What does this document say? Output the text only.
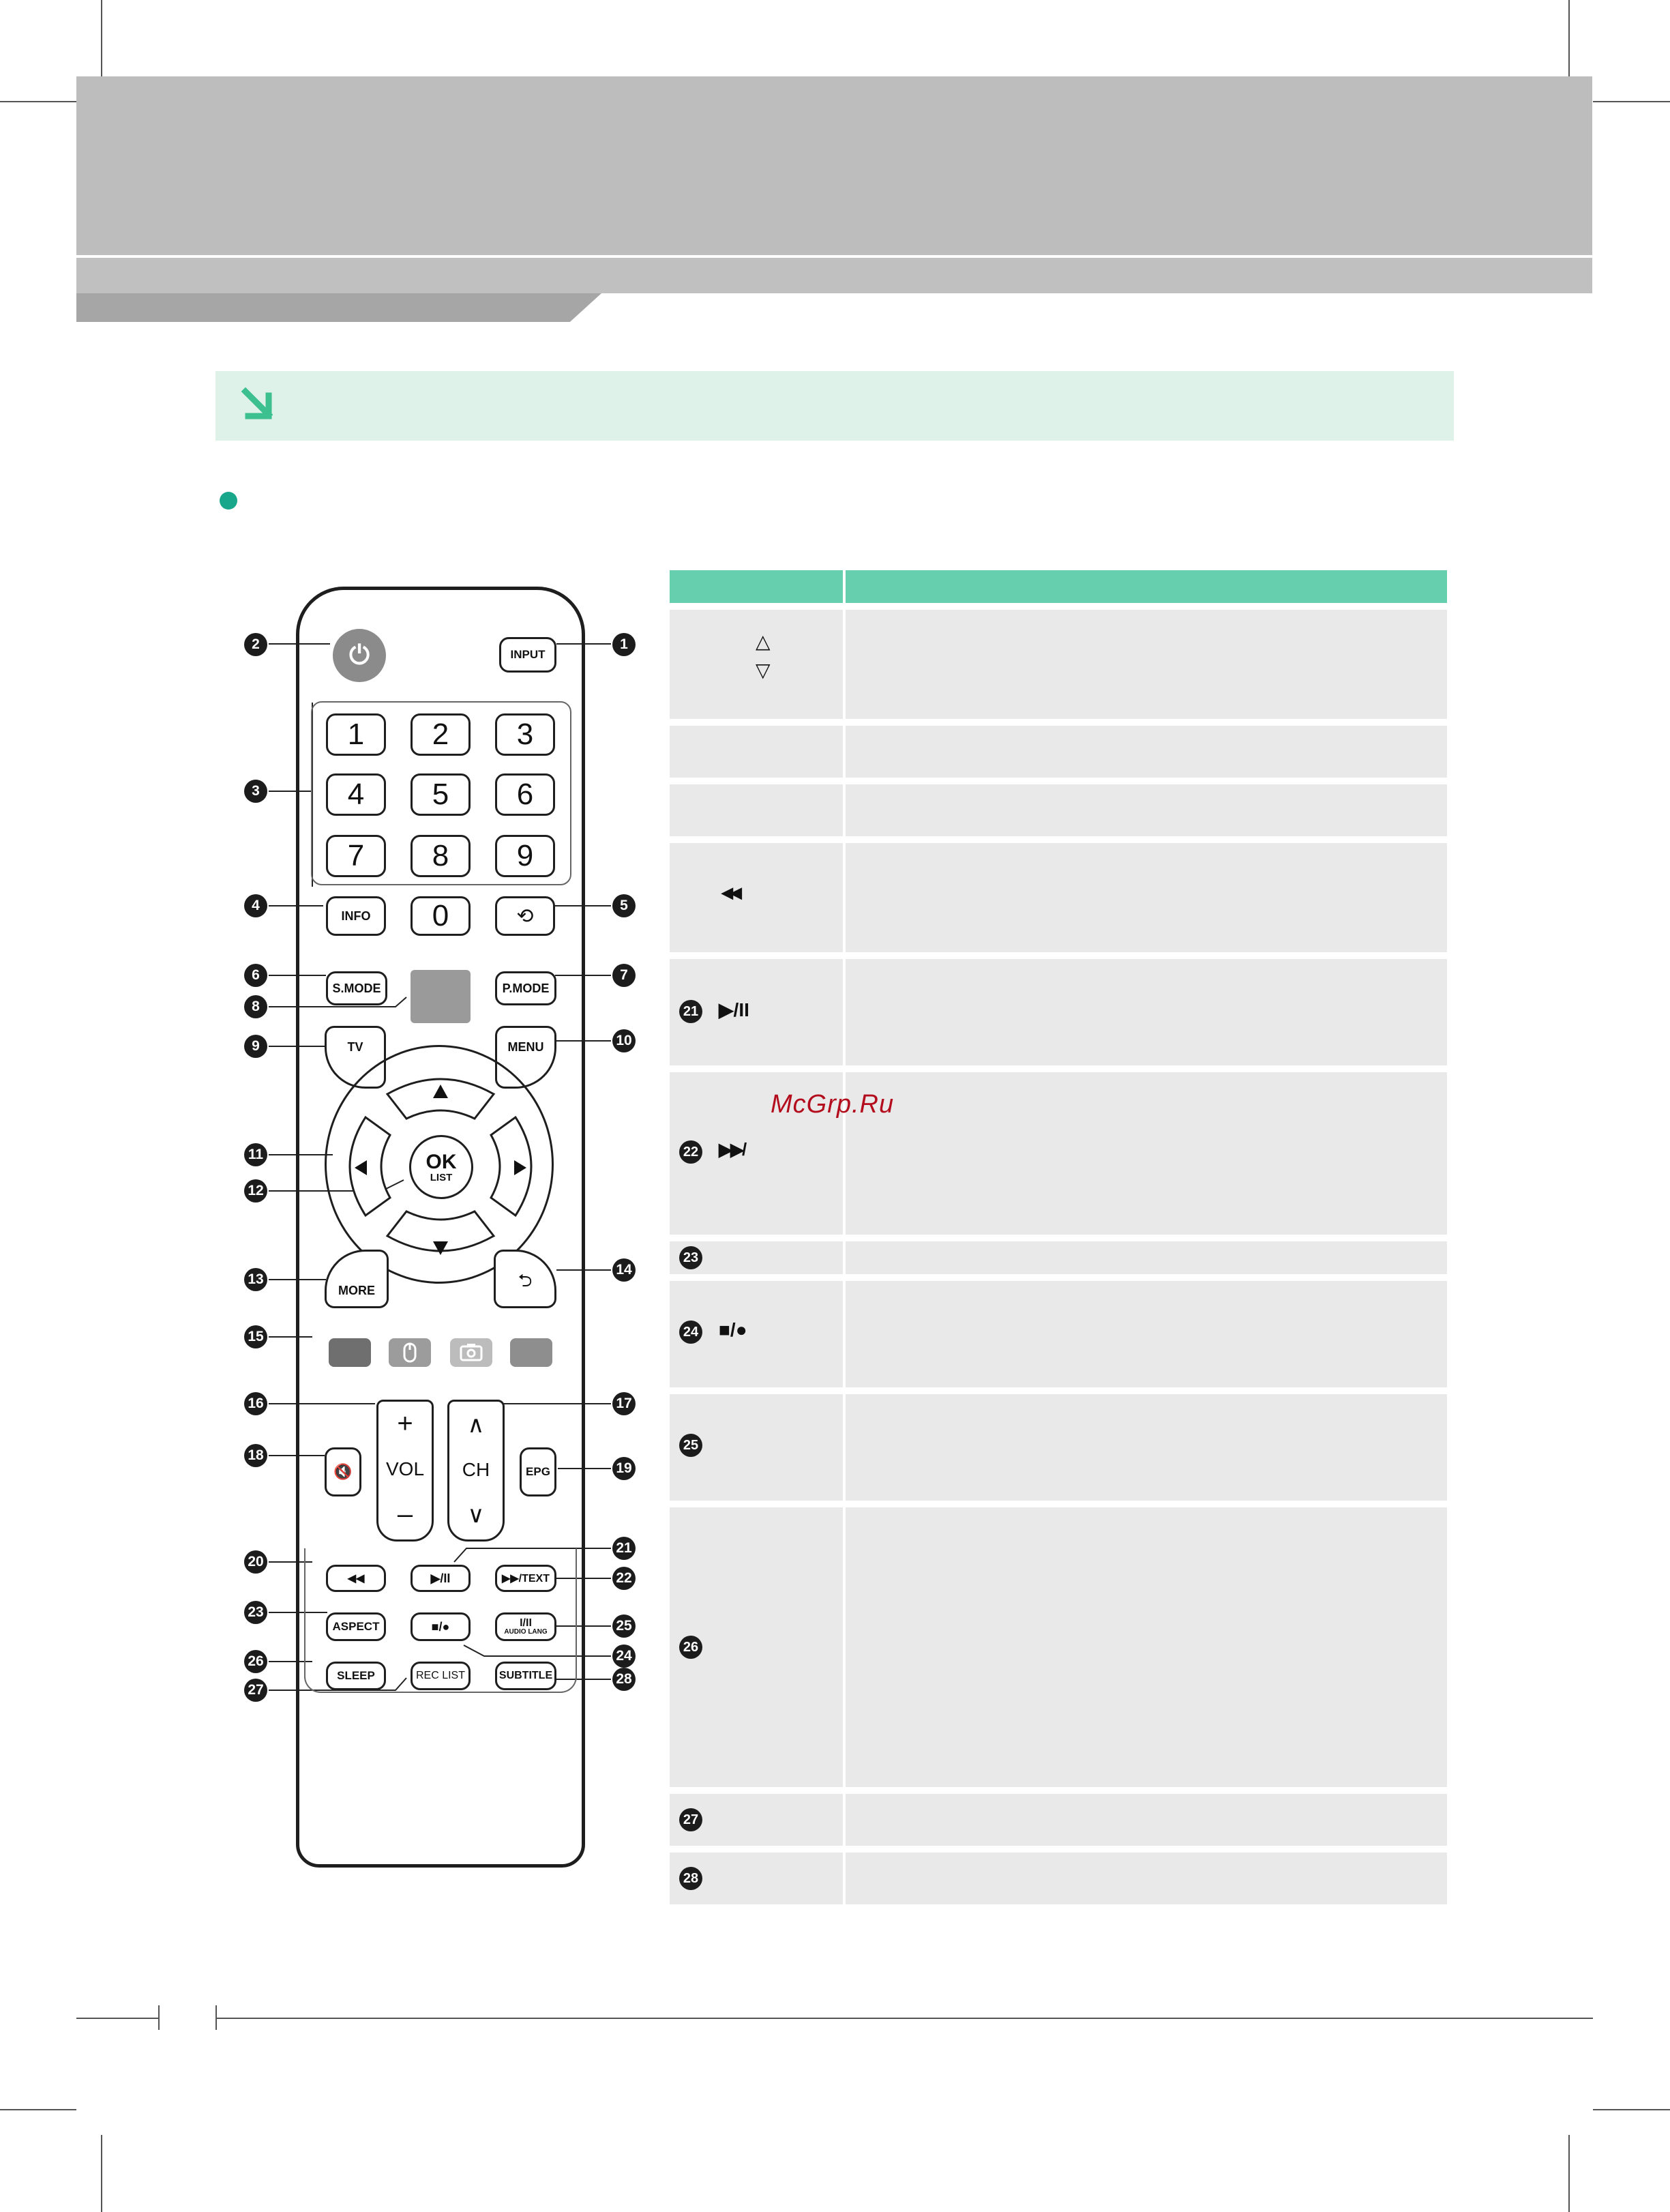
⏻	INPUT
1	2	3
4	5	6
7	8	9
INFO	0	⟲
S.MODE	P.MODE
TV	MENU
OK
LIST
MORE	⮌
+
VOL
–
∧
CH
∨
🔇	EPG
◀◀	▶/II	▶▶/TEXT
ASPECT	■/●	I/II
AUDIO LANG
SLEEP	REC LIST	SUBTITLE
1
2
3
4	5
6	7
8
9	10
11
12
13
14
15
16	17
18
19
20
21
22
23
24
25
26
27
28
△
▽
◀◀
21 ▶/II
22 ▶▶/
23
24 ■/●
25
26
27
28
McGrp.Ru
